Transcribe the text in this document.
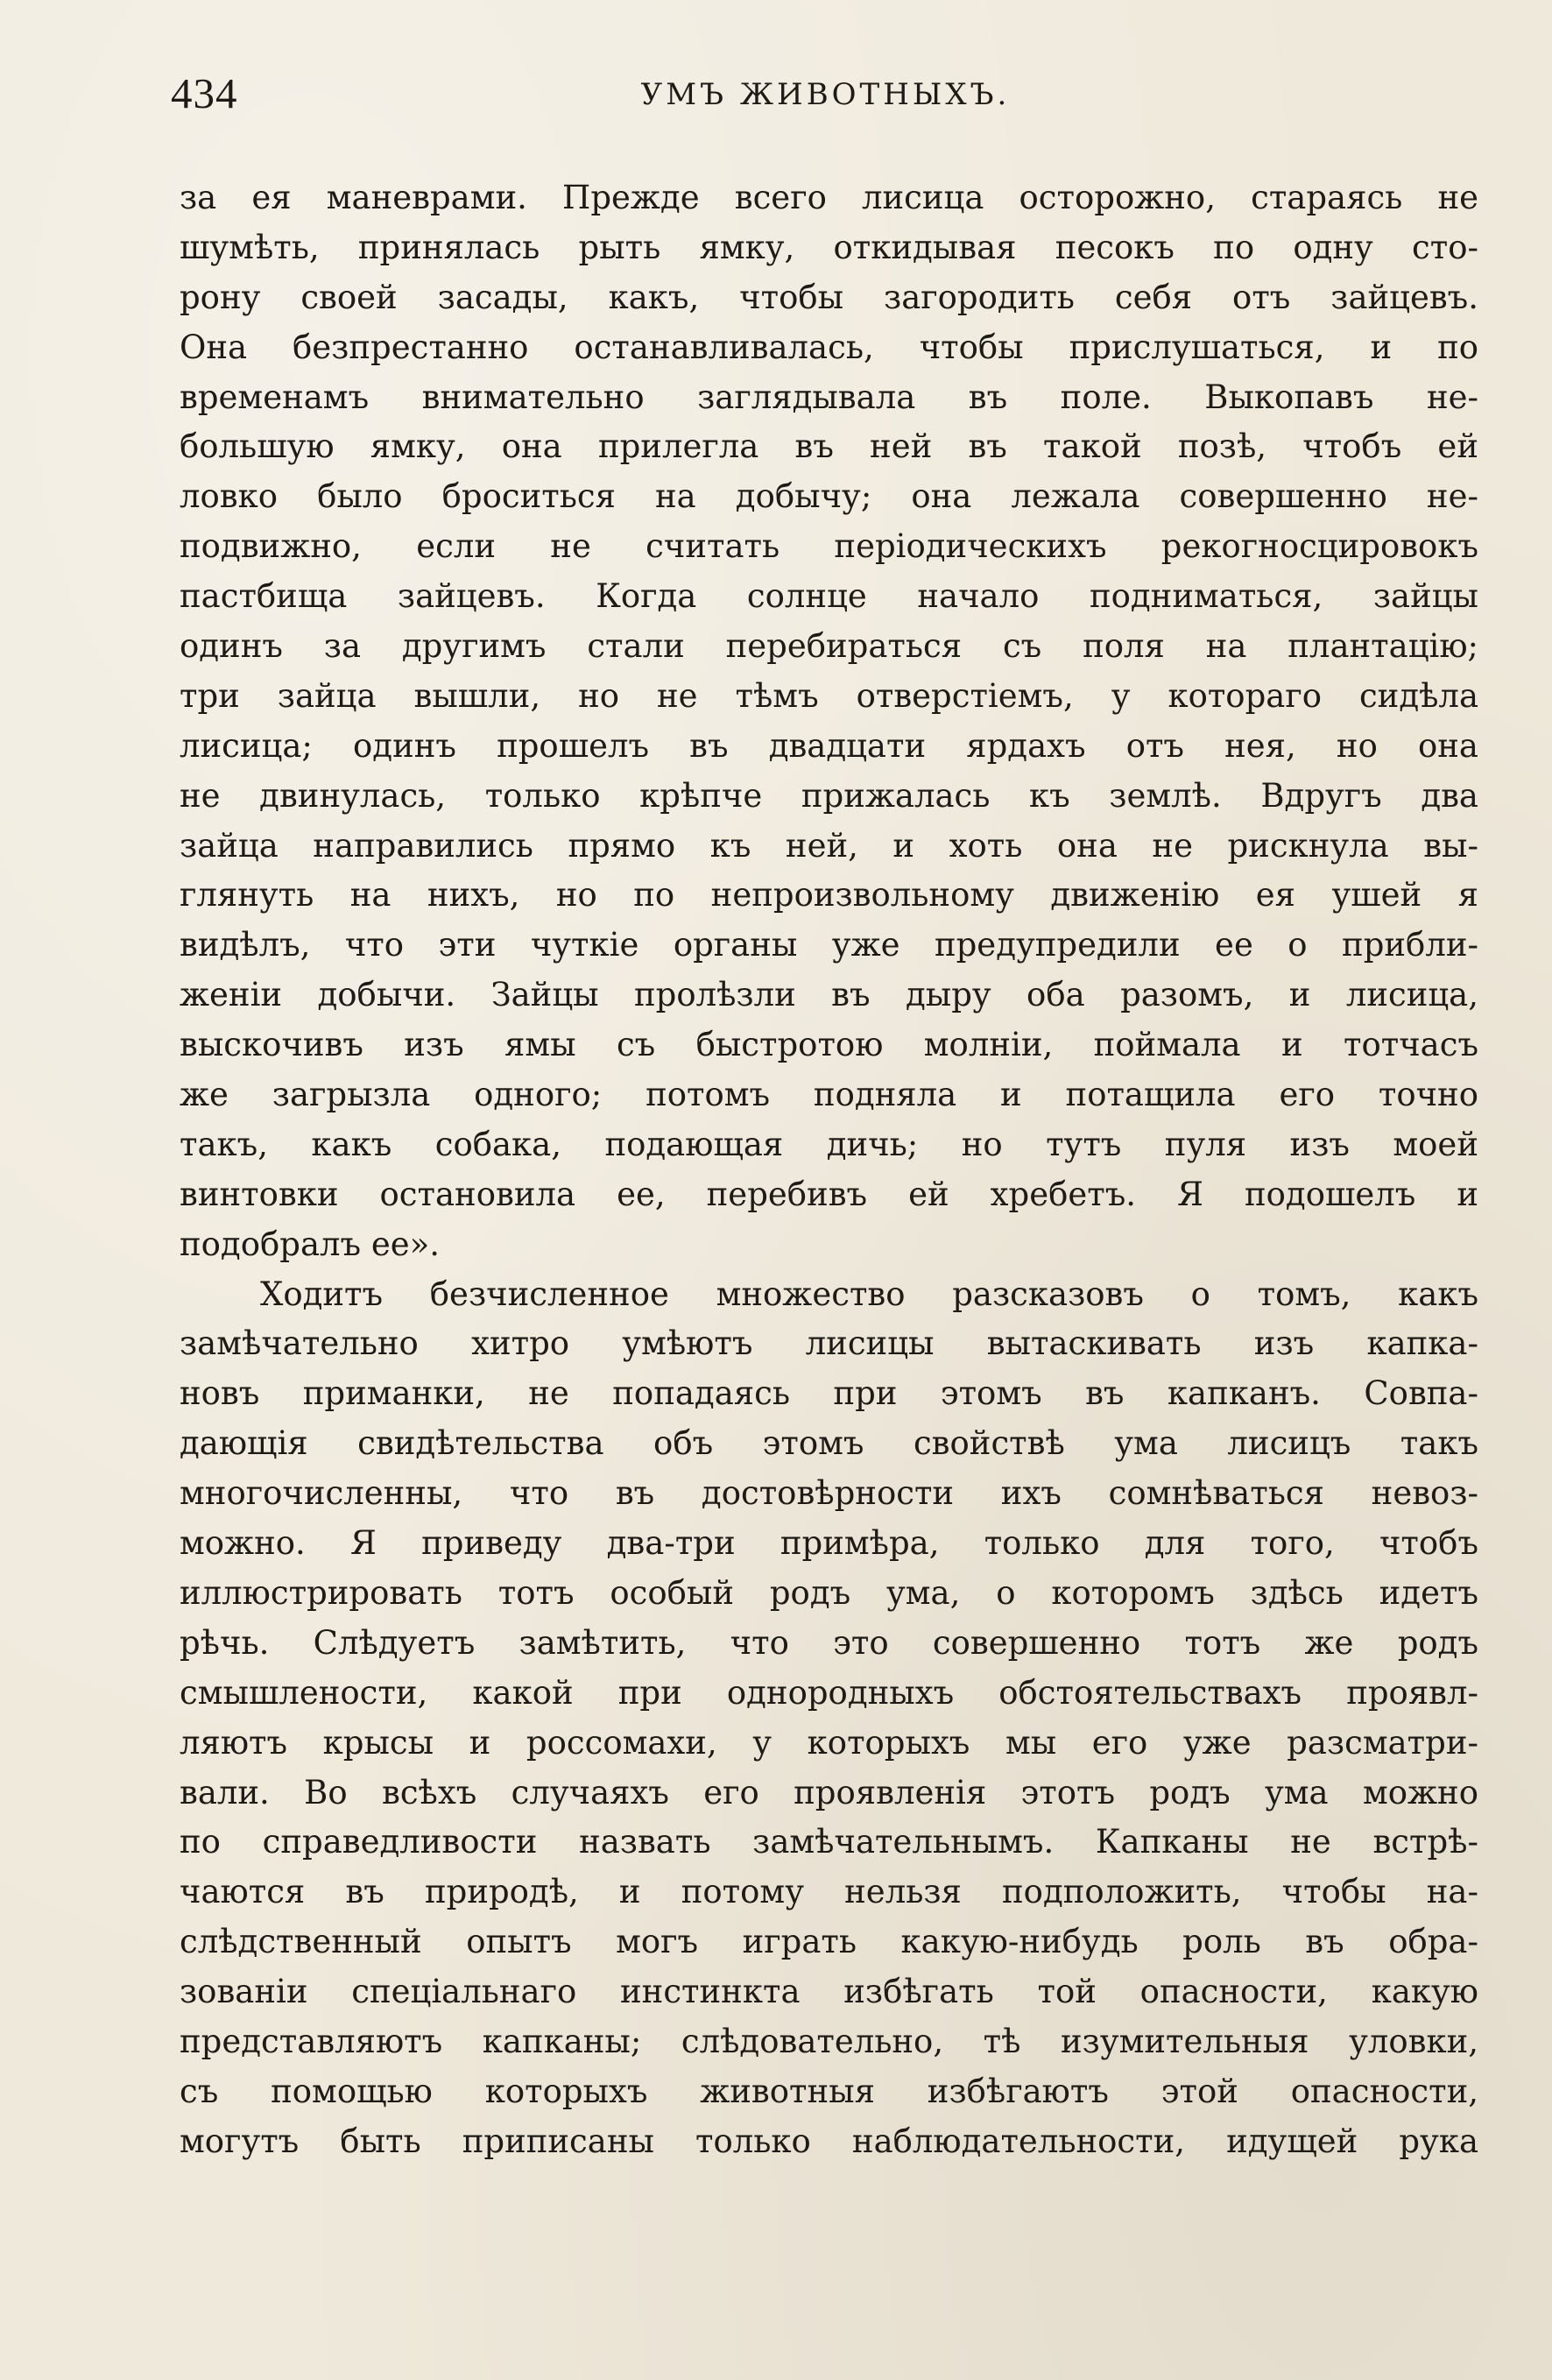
434	УМЪ ЖИВОТНЫХЪ.
за ея маневрами. Прежде всего лисица осторожно, стараясь не
шумѣть, принялась рыть ямку, откидывая песокъ по одну сто-
рону своей засады, какъ, чтобы загородить себя отъ зайцевъ.
Она безпрестанно останавливалась, чтобы прислушаться, и по
временамъ внимательно заглядывала въ поле. Выкопавъ не-
большую ямку, она прилегла въ ней въ такой позѣ, чтобъ ей
ловко было броситься на добычу; она лежала совершенно не-
подвижно, если не считать періодическихъ рекогносцировокъ
пастбища зайцевъ. Когда солнце начало подниматься, зайцы
одинъ за другимъ стали перебираться съ поля на плантацію;
три зайца вышли, но не тѣмъ отверстіемъ, у котораго сидѣла
лисица; одинъ прошелъ въ двадцати ярдахъ отъ нея, но она
не двинулась, только крѣпче прижалась къ землѣ. Вдругъ два
зайца направились прямо къ ней, и хоть она не рискнула вы-
глянуть на нихъ, но по непроизвольному движенію ея ушей я
видѣлъ, что эти чуткіе органы уже предупредили ее о прибли-
женіи добычи. Зайцы пролѣзли въ дыру оба разомъ, и лисица,
выскочивъ изъ ямы съ быстротою молніи, поймала и тотчасъ
же загрызла одного; потомъ подняла и потащила его точно
такъ, какъ собака, подающая дичь; но тутъ пуля изъ моей
винтовки остановила ее, перебивъ ей хребетъ. Я подошелъ и
подобралъ ее».
Ходитъ безчисленное множество разсказовъ о томъ, какъ
замѣчательно хитро умѣютъ лисицы вытаскивать изъ капка-
новъ приманки, не попадаясь при этомъ въ капканъ. Совпа-
дающія свидѣтельства объ этомъ свойствѣ ума лисицъ такъ
многочисленны, что въ достовѣрности ихъ сомнѣваться невоз-
можно. Я приведу два-три примѣра, только для того, чтобъ
иллюстрировать тотъ особый родъ ума, о которомъ здѣсь идетъ
рѣчь. Слѣдуетъ замѣтить, что это совершенно тотъ же родъ
смышлености, какой при однородныхъ обстоятельствахъ проявл-
ляютъ крысы и россомахи, у которыхъ мы его уже разсматри-
вали. Во всѣхъ случаяхъ его проявленія этотъ родъ ума можно
по справедливости назвать замѣчательнымъ. Капканы не встрѣ-
чаются въ природѣ, и потому нельзя подположить, чтобы на-
слѣдственный опытъ могъ играть какую-нибудь роль въ обра-
зованіи спеціальнаго инстинкта избѣгать той опасности, какую
представляютъ капканы; слѣдовательно, тѣ изумительныя уловки,
съ помощью которыхъ животныя избѣгаютъ этой опасности,
могутъ быть приписаны только наблюдательности, идущей рука
